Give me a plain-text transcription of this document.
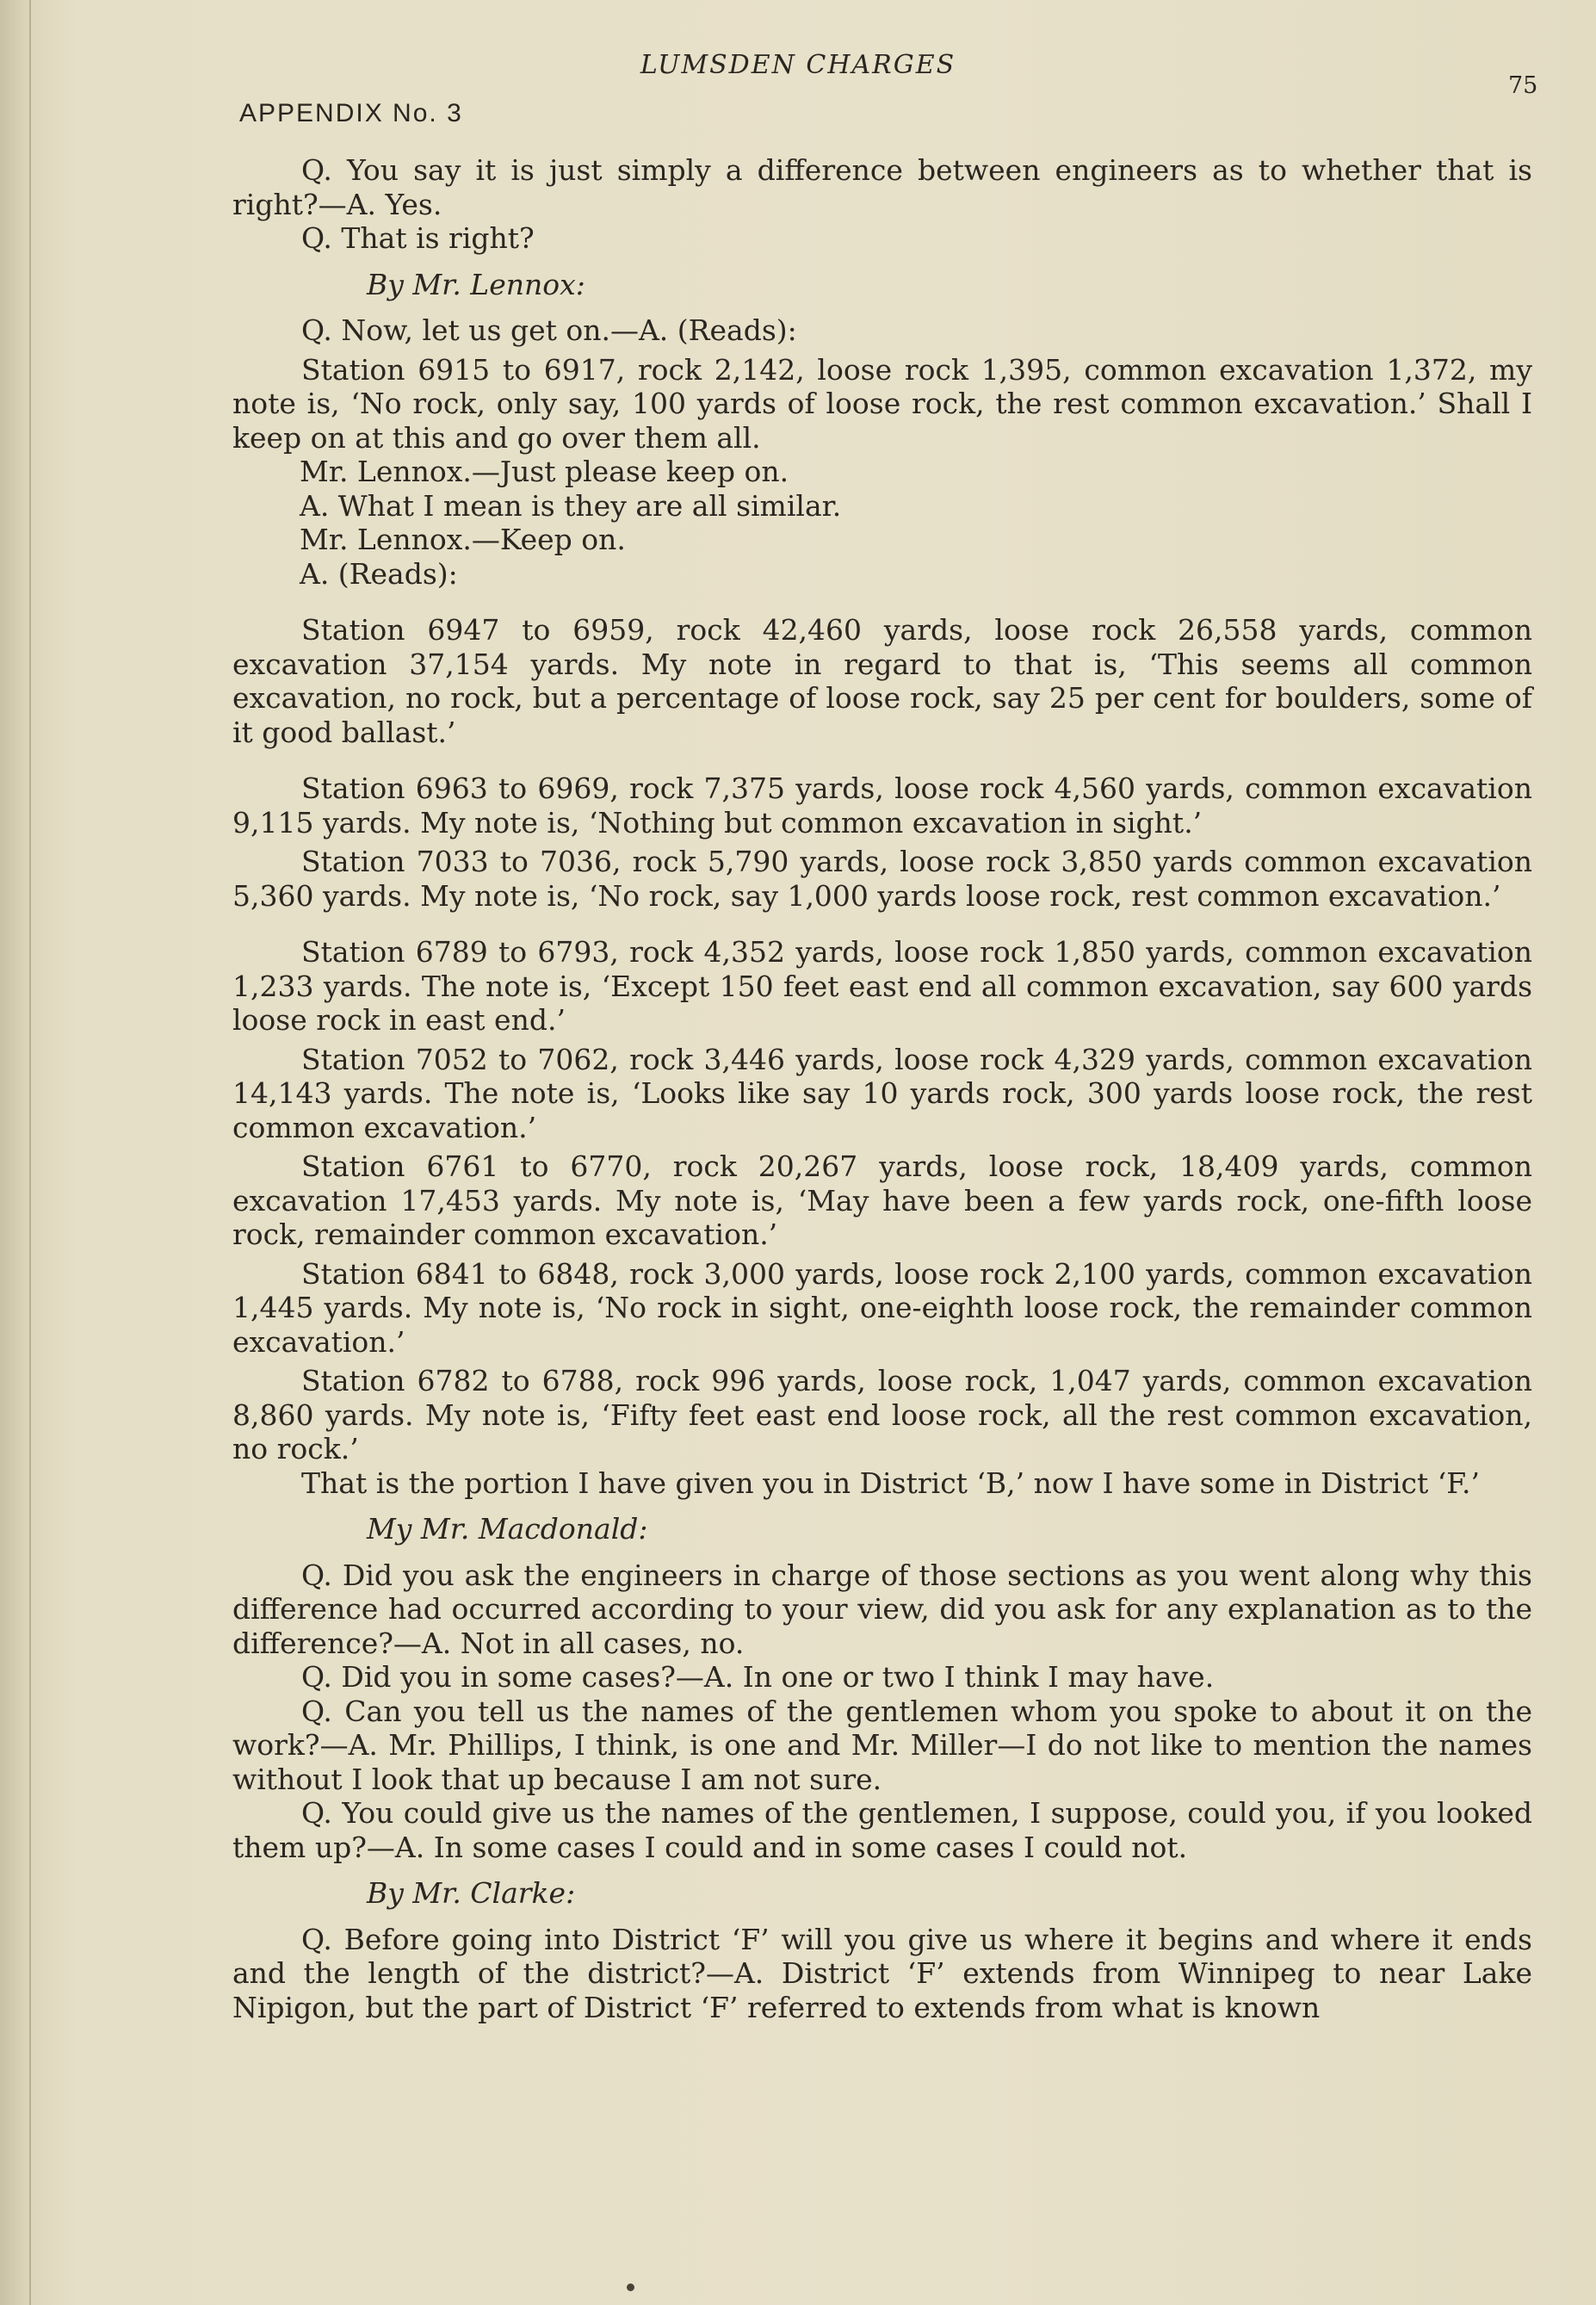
LUMSDEN CHARGES
75
APPENDIX No. 3

Q. You say it is just simply a difference between engineers as to whether that is right?—A. Yes.

Q. That is right?

By Mr. Lennox:

Q. Now, let us get on.—A. (Reads):

Station 6915 to 6917, rock 2,142, loose rock 1,395, common excavation 1,372, my note is, ‘No rock, only say, 100 yards of loose rock, the rest common excavation.’ Shall I keep on at this and go over them all.

Mr. Lennox.—Just please keep on.

A. What I mean is they are all similar.

Mr. Lennox.—Keep on.

A. (Reads):

Station 6947 to 6959, rock 42,460 yards, loose rock 26,558 yards, common excavation 37,154 yards. My note in regard to that is, ‘This seems all common excavation, no rock, but a percentage of loose rock, say 25 per cent for boulders, some of it good ballast.’

Station 6963 to 6969, rock 7,375 yards, loose rock 4,560 yards, common excavation 9,115 yards. My note is, ‘Nothing but common excavation in sight.’

Station 7033 to 7036, rock 5,790 yards, loose rock 3,850 yards common excavation 5,360 yards. My note is, ‘No rock, say 1,000 yards loose rock, rest common excavation.’

Station 6789 to 6793, rock 4,352 yards, loose rock 1,850 yards, common excavation 1,233 yards. The note is, ‘Except 150 feet east end all common excavation, say 600 yards loose rock in east end.’

Station 7052 to 7062, rock 3,446 yards, loose rock 4,329 yards, common excavation 14,143 yards. The note is, ‘Looks like say 10 yards rock, 300 yards loose rock, the rest common excavation.’

Station 6761 to 6770, rock 20,267 yards, loose rock, 18,409 yards, common excavation 17,453 yards. My note is, ‘May have been a few yards rock, one-fifth loose rock, remainder common excavation.’

Station 6841 to 6848, rock 3,000 yards, loose rock 2,100 yards, common excavation 1,445 yards. My note is, ‘No rock in sight, one-eighth loose rock, the remainder common excavation.’

Station 6782 to 6788, rock 996 yards, loose rock, 1,047 yards, common excavation 8,860 yards. My note is, ‘Fifty feet east end loose rock, all the rest common excavation, no rock.’

That is the portion I have given you in District ‘B,’ now I have some in District ‘F.’

My Mr. Macdonald:

Q. Did you ask the engineers in charge of those sections as you went along why this difference had occurred according to your view, did you ask for any explanation as to the difference?—A. Not in all cases, no.

Q. Did you in some cases?—A. In one or two I think I may have.

Q. Can you tell us the names of the gentlemen whom you spoke to about it on the work?—A. Mr. Phillips, I think, is one and Mr. Miller—I do not like to mention the names without I look that up because I am not sure.

Q. You could give us the names of the gentlemen, I suppose, could you, if you looked them up?—A. In some cases I could and in some cases I could not.

By Mr. Clarke:

Q. Before going into District ‘F’ will you give us where it begins and where it ends and the length of the district?—A. District ‘F’ extends from Winnipeg to near Lake Nipigon, but the part of District ‘F’ referred to extends from what is known
